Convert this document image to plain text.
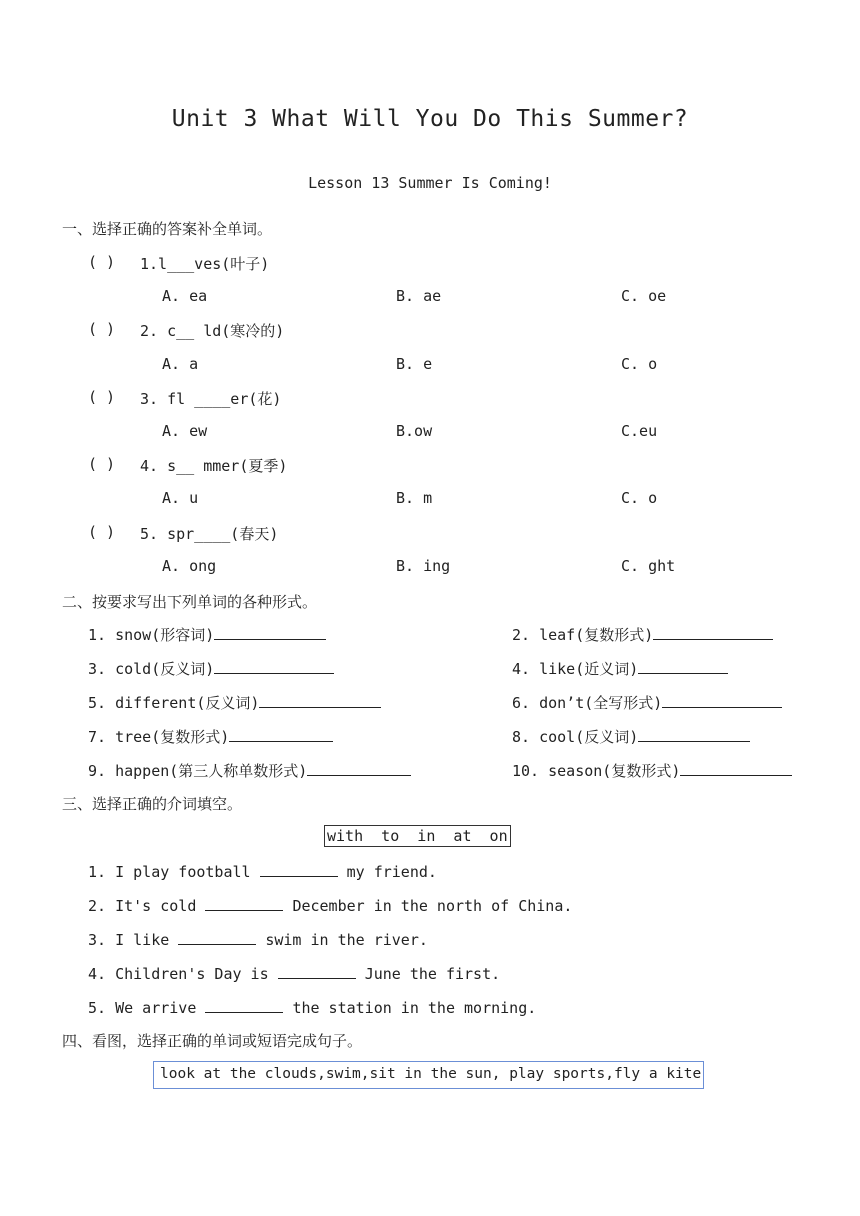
Unit 3 What Will You Do This Summer?
Lesson 13 Summer Is Coming!
一、选择正确的答案补全单词。
( ) 1.l___ves(叶子)
A. ea	B. ae	C. oe
( ) 2. c__ ld(寒冷的)
A. a	B. e	C. o
( ) 3. fl ____er(花)
A. ew	B.ow	C.eu
( ) 4. s__ mmer(夏季)
A. u	B. m	C. o
( ) 5. spr____(春天)
A. ong	B. ing	C. ght
二、按要求写出下列单词的各种形式。
1. snow(形容词)	2. leaf(复数形式)
3. cold(反义词)	4. like(近义词)
5. different(反义词)	6. don’t(全写形式)
7. tree(复数形式)	8. cool(反义词)
9. happen(第三人称单数形式)	10. season(复数形式)
三、选择正确的介词填空。
with  to  in  at  on
1. I play football	my friend.
2. It's cold	December in the north of China.
3. I like	swim in the river.
4. Children's Day is	June the first.
5. We arrive	the station in the morning.
四、看图，选择正确的单词或短语完成句子。
look at the clouds,swim,sit in the sun, play sports,fly a kite
